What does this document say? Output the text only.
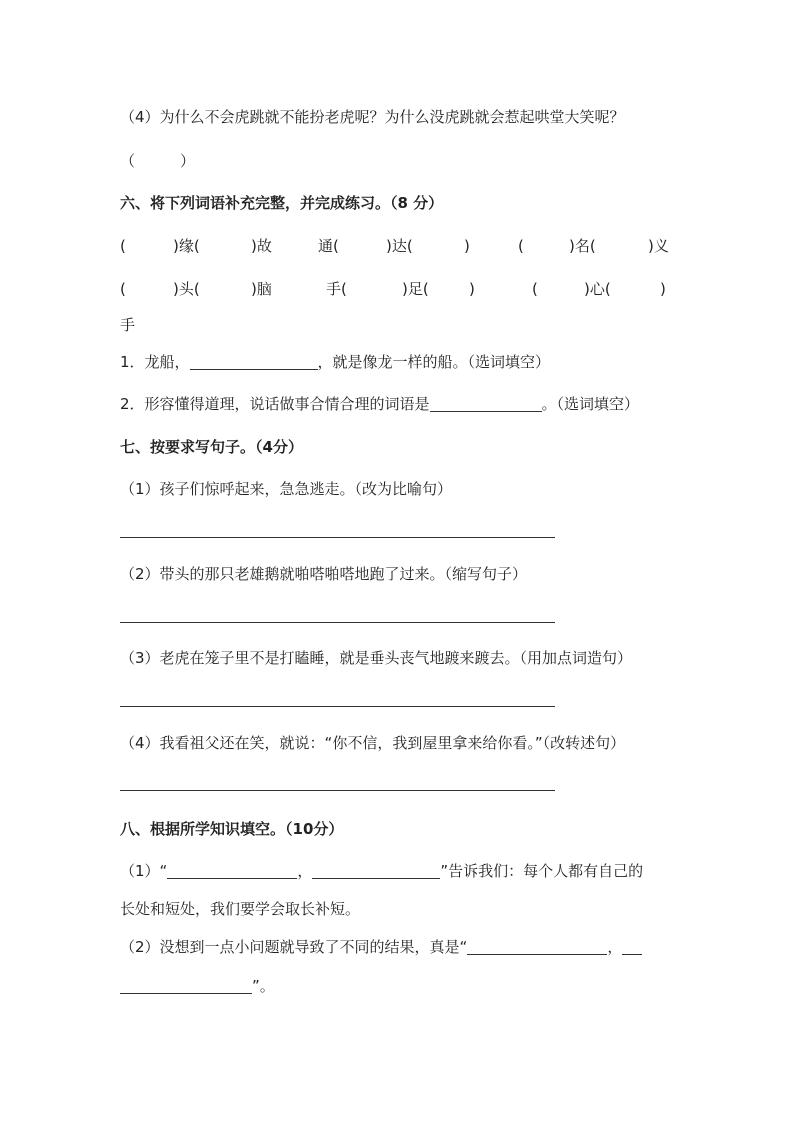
（4）为什么不会虎跳就不能扮老虎呢？为什么没虎跳就会惹起哄堂大笑呢？
（　　　）
六、将下列词语补充完整，并完成练习。（8 分）
(	)缘(	)故	通(	)达(	)	(	)名(	)义
(	)头(	)脑	手(	)足(	)	(	)心(	)
手
1．龙船，	，就是像龙一样的船。（选词填空）
2．形容懂得道理，说话做事合情合理的词语是	。（选词填空）
七、按要求写句子。（4分）
（1）孩子们惊呼起来，急急逃走。（改为比喻句）
（2）带头的那只老雄鹅就啪嗒啪嗒地跑了过来。（缩写句子）
（3）老虎在笼子里不是打瞌睡，就是垂头丧气地踱来踱去。（用加点词造句）
（4）我看祖父还在笑，就说：“你不信，我到屋里拿来给你看。”（改转述句）
八、根据所学知识填空。（10分）
（1）“	，	”告诉我们：每个人都有自己的
长处和短处，我们要学会取长补短。
（2）没想到一点小问题就导致了不同的结果，真是“	，
”。
